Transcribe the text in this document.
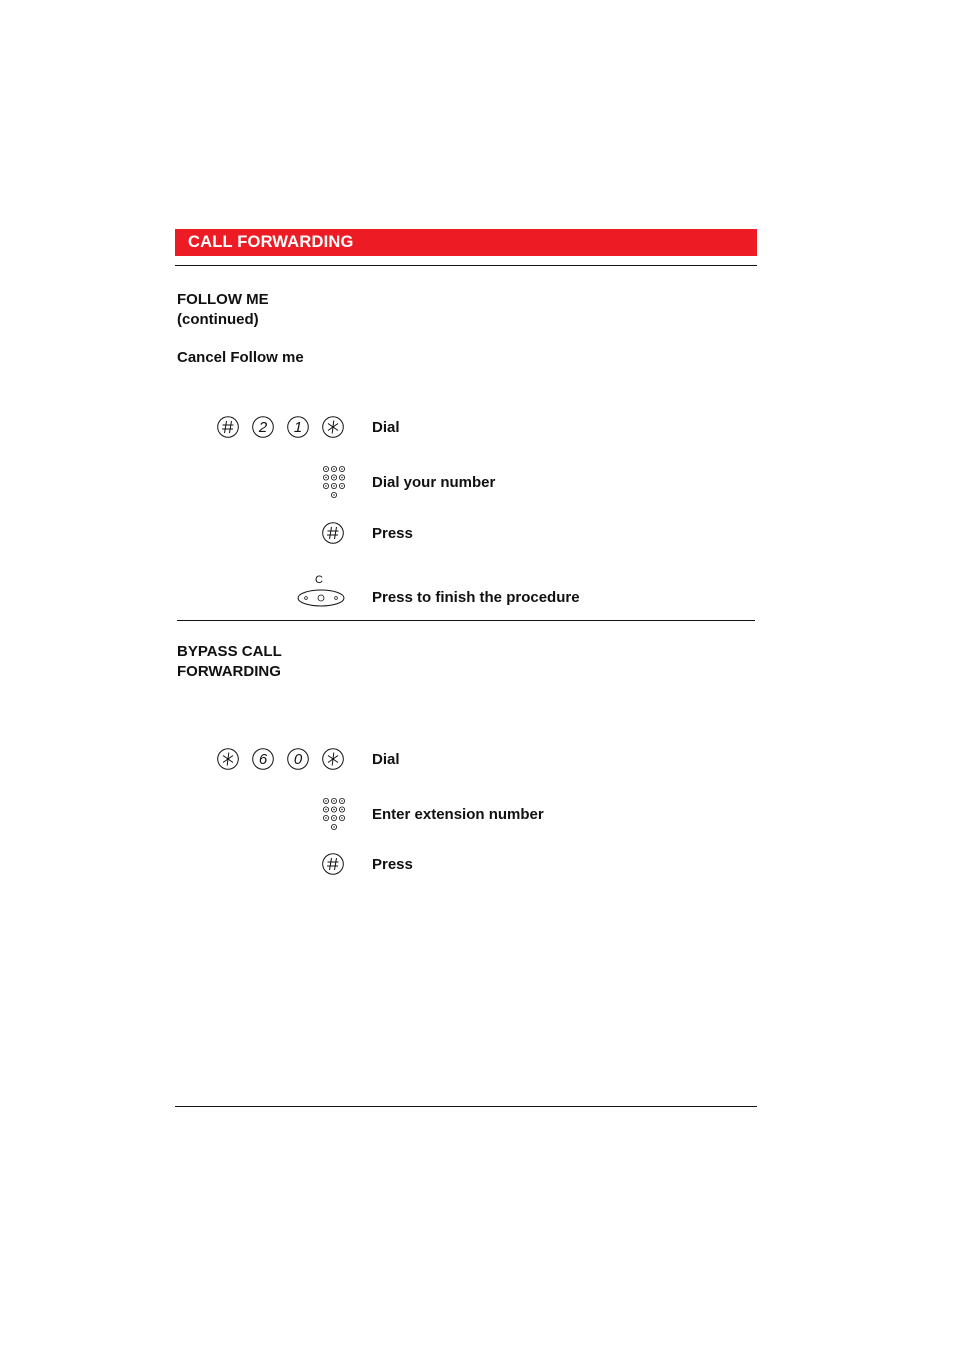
CALL FORWARDING
FOLLOW ME
(continued)
Cancel Follow me
2 1	Dial
Dial your number
Press
C
Press to finish the procedure
BYPASS CALL
FORWARDING
6 0	Dial
Enter extension number
Press
